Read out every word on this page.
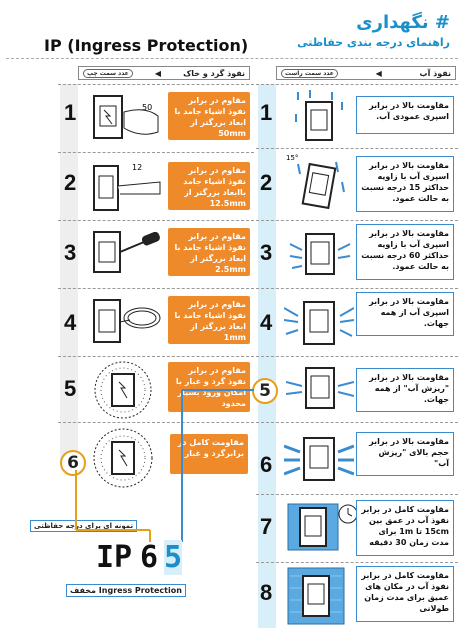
# نگهداری
راهنمای درجه بندی حفاظتی
IP (Ingress Protection)
نفوذ گرد و خاک
◀
عدد سمت چپ	نفوذ آب
◀
عدد سمت راست
1	50
مقاوم در برابر نفوذ اشیاء جامد با ابعاد بزرگتر از 50mm
2
12	مقاوم در برابر نفوذ اشیاء جامد باابعاد بزرگتر از 12.5mm
3
مقاوم در برابر نفوذ اشیاء جامد با ابعاد بزرگتر از 2.5mm
4
مقاوم در برابر نفوذ اشیاء جامد با ابعاد بزرگتر از 1mm
5
مقاوم در برابر نفوذ گرد و غبار با امکان ورود بسیار محدود
6
مقاومت کامل در برابرگرد و غبار
1	مقاومت بالا در برابر اسپری عمودی آب.
2
15°
مقاومت بالا در برابر اسپری آب با زاویه حداکثر 15 درجه نسبت به حالت عمود.
3
مقاومت بالا در برابر اسپری آب با زاویه حداکثر 60 درجه نسبت به حالت عمود.
4
مقاومت بالا در برابر اسپری آب از همه جهات.
5
مقاومت بالا در برابر "ریزش آب" از همه جهات.
6
مقاومت بالا در برابر حجم بالای "ریزش آب"
7
مقاومت کامل در برابر نفوذ آب در عمق بین 15cm تا 1m برای مدت زمان 30 دقیقه
8
مقاومت کامل در برابر نفوذ آب در مکان های عمیق برای مدت زمان طولانی
نمونه ای برای درجه حفاظتی
IP 6 5
Ingress Protection مخفف
